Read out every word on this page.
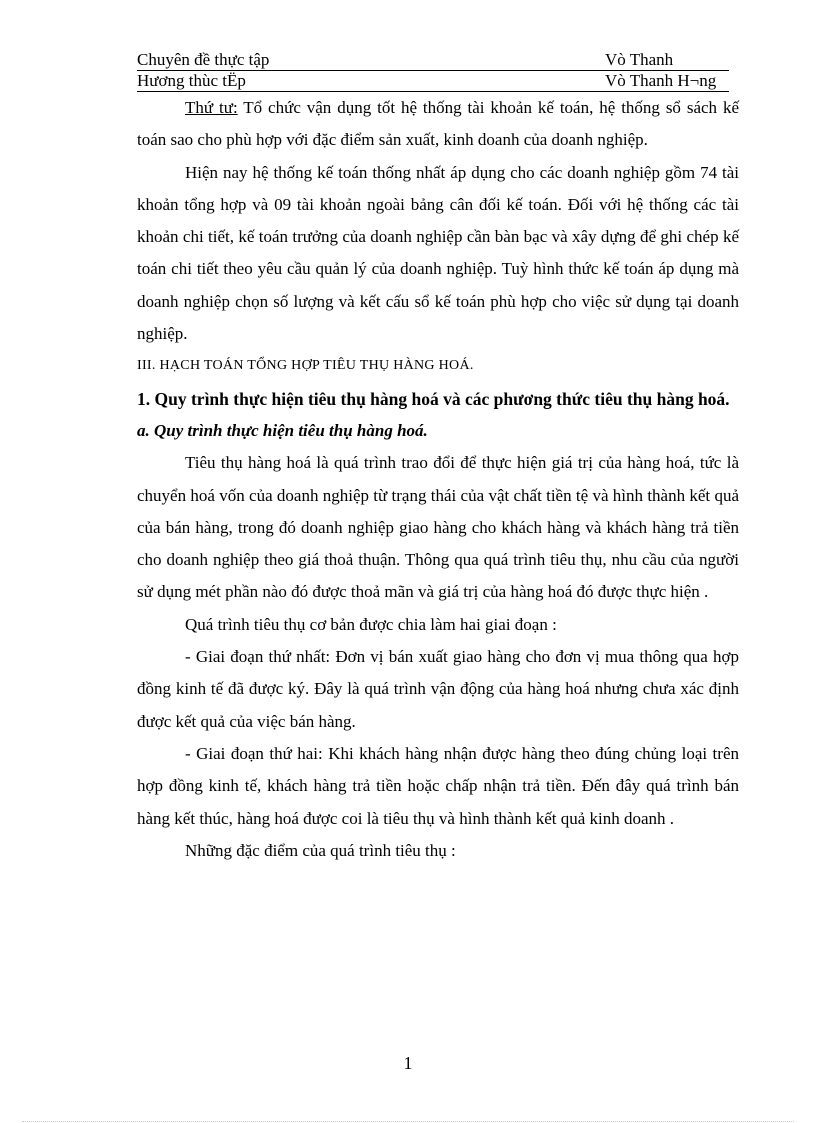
Chuyên đề thực tập	Vò Thanh
Hương thùc tËp	Vò Thanh H¬ng

Thứ tư: Tổ chức vận dụng tốt hệ thống tài khoản kế toán, hệ thống sổ sách kế toán sao cho phù hợp với đặc điểm sản xuất, kinh doanh của doanh nghiệp.

Hiện nay hệ thống kế toán thống nhất áp dụng cho các doanh nghiệp gồm 74 tài khoản tổng hợp và 09 tài khoản ngoài bảng cân đối kế toán. Đối với hệ thống các tài khoản chi tiết, kế toán trưởng của doanh nghiệp cần bàn bạc và xây dựng để ghi chép kế toán chi tiết theo yêu cầu quản lý của doanh nghiệp. Tuỳ hình thức kế toán áp dụng mà doanh nghiệp chọn số lượng và kết cấu sổ kế toán phù hợp cho việc sử dụng tại doanh nghiệp.

III. HẠCH TOÁN TỔNG HỢP TIÊU THỤ HÀNG HOÁ.

1. Quy trình thực hiện tiêu thụ hàng hoá và các phương thức tiêu thụ hàng hoá.

a. Quy trình thực hiện tiêu thụ hàng hoá.

Tiêu thụ hàng hoá là quá trình trao đổi để thực hiện giá trị của hàng hoá, tức là chuyển hoá vốn của doanh nghiệp từ trạng thái của vật chất tiền tệ và hình thành kết quả của bán hàng, trong đó doanh nghiệp giao hàng cho khách hàng và khách hàng trả tiền cho doanh nghiệp theo giá thoả thuận. Thông qua quá trình tiêu thụ, nhu cầu của người sử dụng mét phần nào đó được thoả mãn và giá trị của hàng hoá đó được thực hiện .

Quá trình tiêu thụ cơ bản được chia làm hai giai đoạn :

- Giai đoạn thứ nhất: Đơn vị bán xuất giao hàng cho đơn vị mua thông qua hợp đồng kinh tế đã được ký. Đây là quá trình vận động của hàng hoá nhưng chưa xác định được kết quả của việc bán hàng.

- Giai đoạn thứ hai: Khi khách hàng nhận được hàng theo đúng chủng loại trên hợp đồng kinh tế, khách hàng trả tiền hoặc chấp nhận trả tiền. Đến đây quá trình bán hàng kết thúc, hàng hoá được coi là tiêu thụ và hình thành kết quả kinh doanh .

Những đặc điểm của quá trình tiêu thụ :

1
